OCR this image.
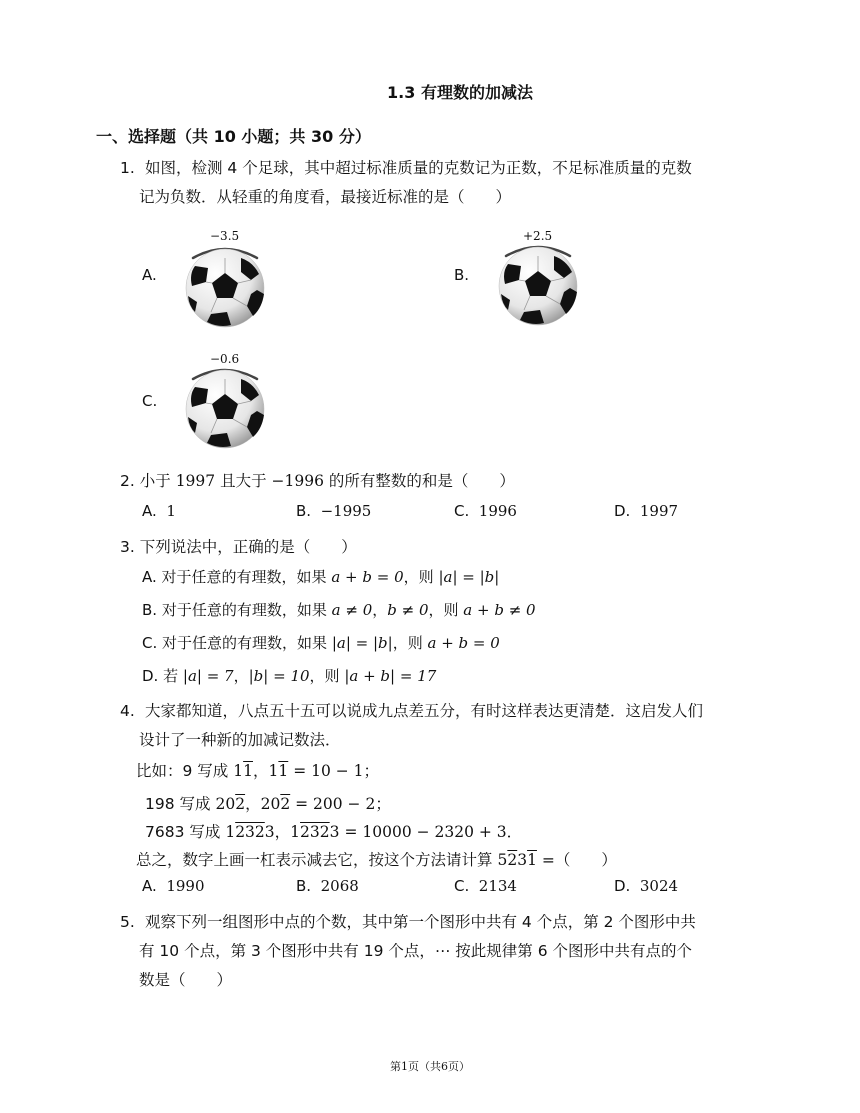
1.3 有理数的加减法
一、选择题（共 10 小题；共 30 分）
1. 如图，检测 4 个足球，其中超过标准质量的克数记为正数，不足标准质量的克数
记为负数．从轻重的角度看，最接近标准的是（　　）
A.
−3.5
B.
+2.5
C.
−0.6
2. 小于 1997 且大于 −1996 的所有整数的和是（　　）
A. 1	B. −1995	C. 1996	D. 1997
3. 下列说法中，正确的是（　　）
A. 对于任意的有理数，如果 a + b = 0，则 |a| = |b|
B. 对于任意的有理数，如果 a ≠ 0，b ≠ 0，则 a + b ≠ 0
C. 对于任意的有理数，如果 |a| = |b|，则 a + b = 0
D. 若 |a| = 7，|b| = 10，则 |a + b| = 17
4. 大家都知道，八点五十五可以说成九点差五分，有时这样表达更清楚．这启发人们
设计了一种新的加减记数法．
比如：9 写成 11，11 = 10 − 1；
198 写成 202，202 = 200 − 2；
7683 写成 12323，12323 = 10000 − 2320 + 3．
总之，数字上画一杠表示减去它，按这个方法请计算 5231 =（　　）
A. 1990	B. 2068	C. 2134	D. 3024
5. 观察下列一组图形中点的个数，其中第一个图形中共有 4 个点，第 2 个图形中共
有 10 个点，第 3 个图形中共有 19 个点，⋯ 按此规律第 6 个图形中共有点的个
数是（　　）
第1页（共6页）
